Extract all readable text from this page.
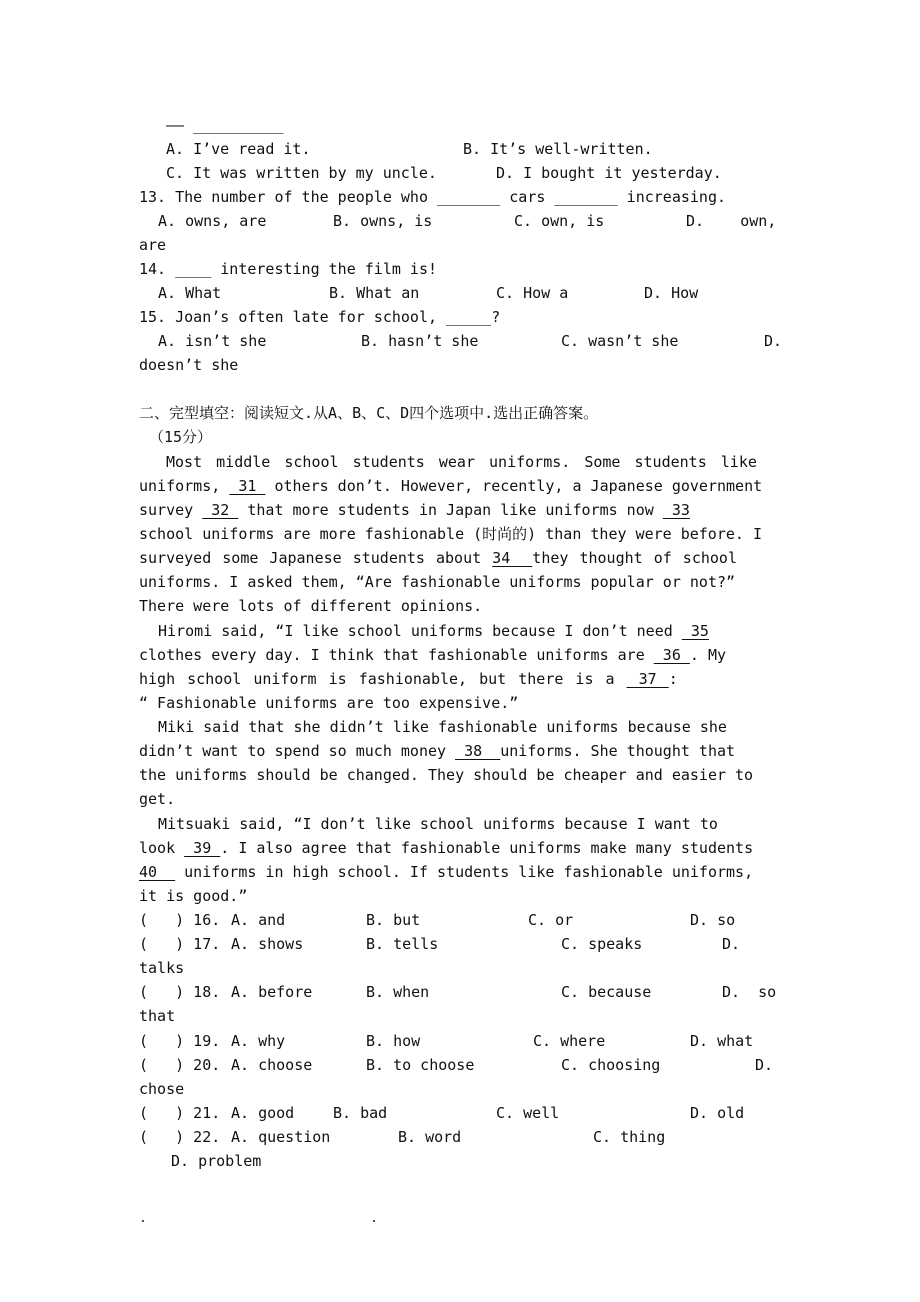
—— __________
A. I’ve read it.	B. It’s well-written.
C. It was written by my uncle.	D. I bought it yesterday.
13. The number of the people who _______ cars _______ increasing.
A. owns, are	B. owns, is	C. own, is	D. own,
are
14. ____ interesting the film is!
A. What	B. What an	C. How a	D. How
15. Joan’s often late for school, _____?
A. isn’t she	B. hasn’t she	C. wasn’t she	D.
doesn’t she
二、完型填空：阅读短文.从A、B、C、D四个选项中.选出正确答案。
（15分）
Most middle school students wear uniforms. Some students like
uniforms,  31  others don’t. However, recently, a Japanese government
survey  32  that more students in Japan like uniforms now  33
school uniforms are more fashionable (时尚的) than they were before. I
surveyed some Japanese students about 34  they thought of school
uniforms. I asked them, “Are fashionable uniforms popular or not?”
There were lots of different opinions.
Hiromi said, “I like school uniforms because I don’t need  35
clothes every day. I think that fashionable uniforms are  36 . My
high school uniform is fashionable, but there is a  37 :
“ Fashionable uniforms are too expensive.”
Miki said that she didn’t like fashionable uniforms because she
didn’t want to spend so much money  38  uniforms. She thought that
the uniforms should be changed. They should be cheaper and easier to
get.
Mitsuaki said, “I don’t like school uniforms because I want to
look  39 . I also agree that fashionable uniforms make many students
40   uniforms in high school. If students like fashionable uniforms,
it is good.”
(   ) 16. A. and	B. but	C. or	D. so
(   ) 17. A. shows	B. tells	C. speaks	D.
talks
(   ) 18. A. before	B. when	C. because	D. so
that
(   ) 19. A. why	B. how	C. where	D. what
(   ) 20. A. choose	B. to choose	C. choosing	D.
chose
(   ) 21. A. good	B. bad	C. well	D. old
(   ) 22. A. question	B. word	C. thing
D. problem
